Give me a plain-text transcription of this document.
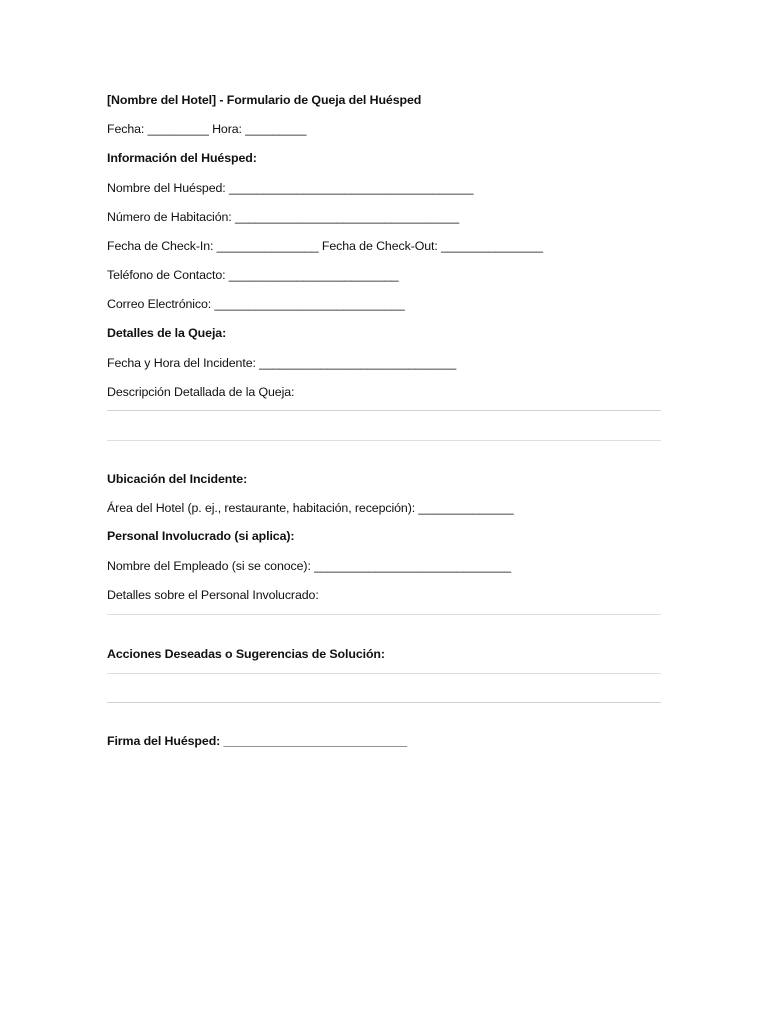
[Nombre del Hotel] - Formulario de Queja del Huésped
Fecha: _________ Hora: _________
Información del Huésped:
Nombre del Huésped: ____________________________________
Número de Habitación: _________________________________
Fecha de Check-In: _______________ Fecha de Check-Out: _______________
Teléfono de Contacto: _________________________
Correo Electrónico: ____________________________
Detalles de la Queja:
Fecha y Hora del Incidente: _____________________________
Descripción Detallada de la Queja:
Ubicación del Incidente:
Área del Hotel (p. ej., restaurante, habitación, recepción): ______________
Personal Involucrado (si aplica):
Nombre del Empleado (si se conoce): _____________________________
Detalles sobre el Personal Involucrado:
Acciones Deseadas o Sugerencias de Solución:
Firma del Huésped: ___________________________
